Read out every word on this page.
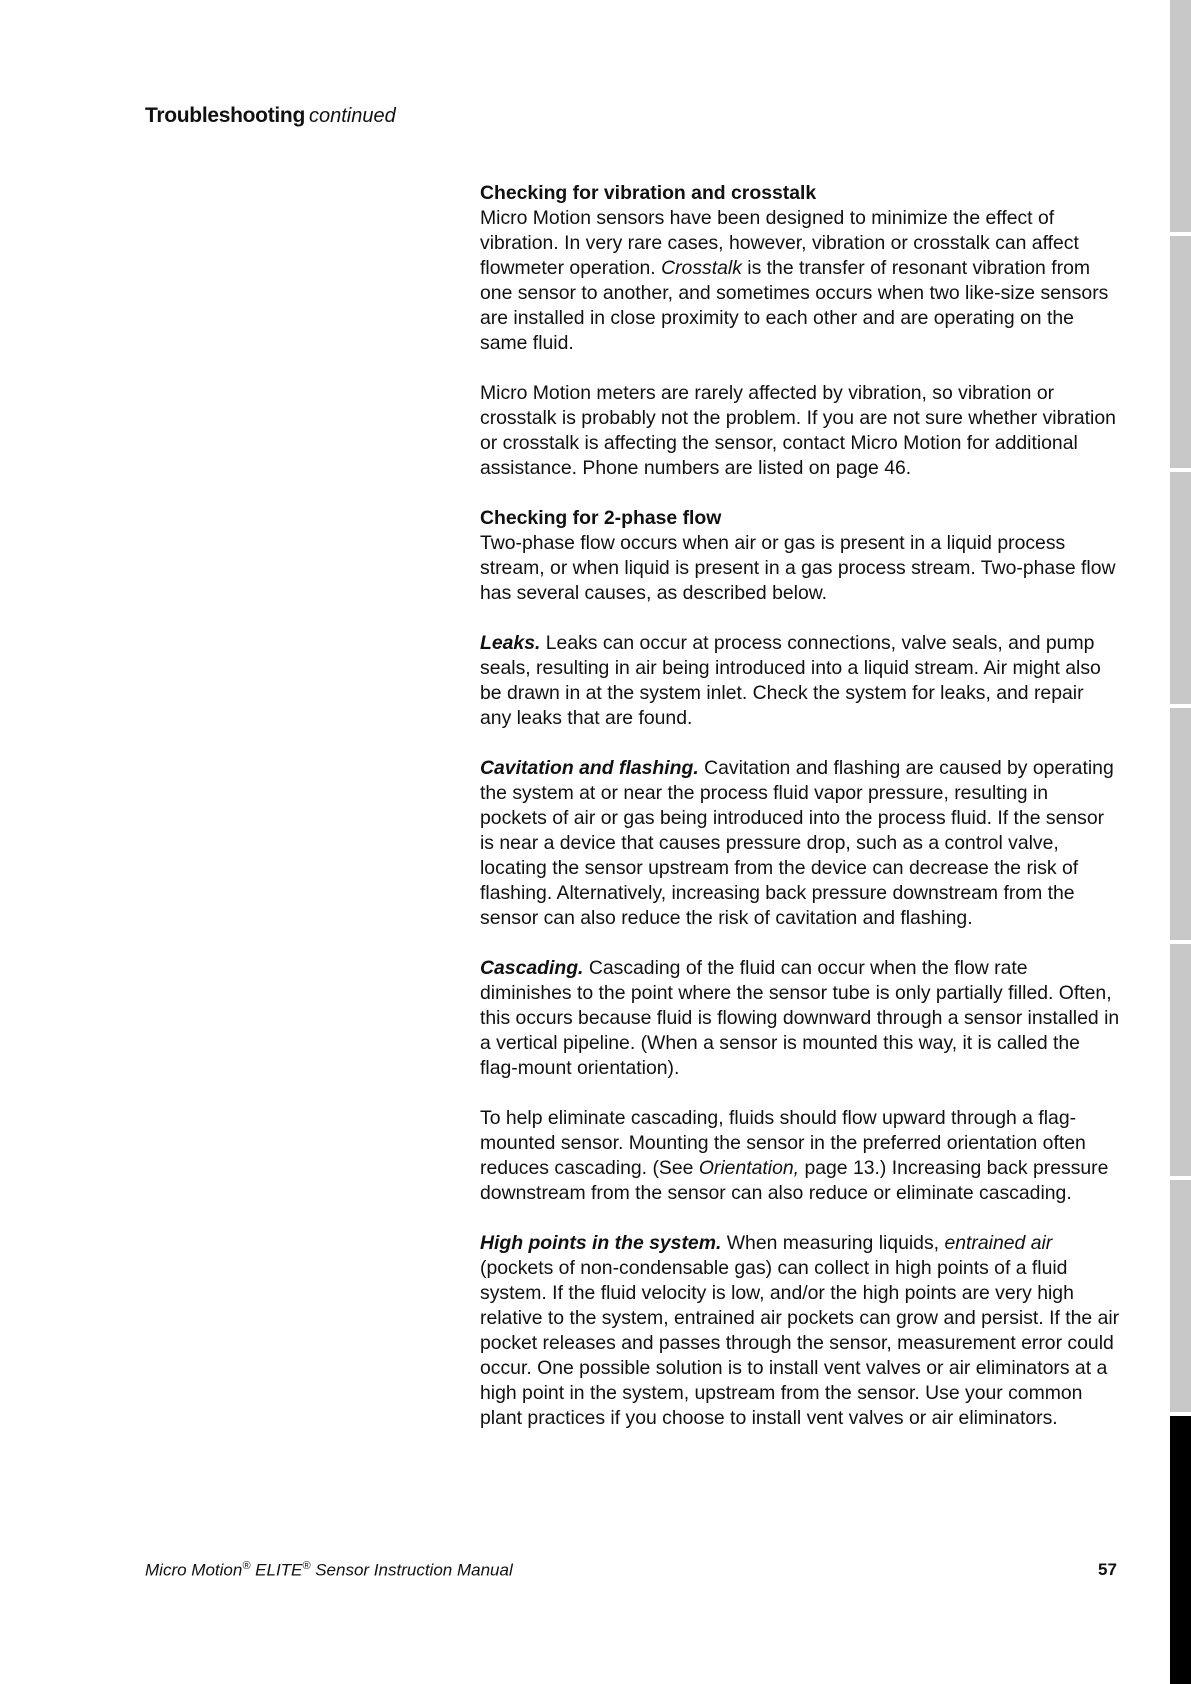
Troubleshooting continued
Checking for vibration and crosstalk

Micro Motion sensors have been designed to minimize the effect of vibration. In very rare cases, however, vibration or crosstalk can affect flowmeter operation. Crosstalk is the transfer of resonant vibration from one sensor to another, and sometimes occurs when two like-size sensors are installed in close proximity to each other and are operating on the same fluid.

Micro Motion meters are rarely affected by vibration, so vibration or crosstalk is probably not the problem. If you are not sure whether vibration or crosstalk is affecting the sensor, contact Micro Motion for additional assistance. Phone numbers are listed on page 46.

Checking for 2-phase flow

Two-phase flow occurs when air or gas is present in a liquid process stream, or when liquid is present in a gas process stream. Two-phase flow has several causes, as described below.

Leaks. Leaks can occur at process connections, valve seals, and pump seals, resulting in air being introduced into a liquid stream. Air might also be drawn in at the system inlet. Check the system for leaks, and repair any leaks that are found.

Cavitation and flashing. Cavitation and flashing are caused by operating the system at or near the process fluid vapor pressure, resulting in pockets of air or gas being introduced into the process fluid. If the sensor is near a device that causes pressure drop, such as a control valve, locating the sensor upstream from the device can decrease the risk of flashing. Alternatively, increasing back pressure downstream from the sensor can also reduce the risk of cavitation and flashing.

Cascading. Cascading of the fluid can occur when the flow rate diminishes to the point where the sensor tube is only partially filled. Often, this occurs because fluid is flowing downward through a sensor installed in a vertical pipeline. (When a sensor is mounted this way, it is called the flag-mount orientation).

To help eliminate cascading, fluids should flow upward through a flag-mounted sensor. Mounting the sensor in the preferred orientation often reduces cascading. (See Orientation, page 13.) Increasing back pressure downstream from the sensor can also reduce or eliminate cascading.

High points in the system. When measuring liquids, entrained air (pockets of non-condensable gas) can collect in high points of a fluid system. If the fluid velocity is low, and/or the high points are very high relative to the system, entrained air pockets can grow and persist. If the air pocket releases and passes through the sensor, measurement error could occur. One possible solution is to install vent valves or air eliminators at a high point in the system, upstream from the sensor. Use your common plant practices if you choose to install vent valves or air eliminators.

Micro Motion® ELITE® Sensor Instruction Manual	57
